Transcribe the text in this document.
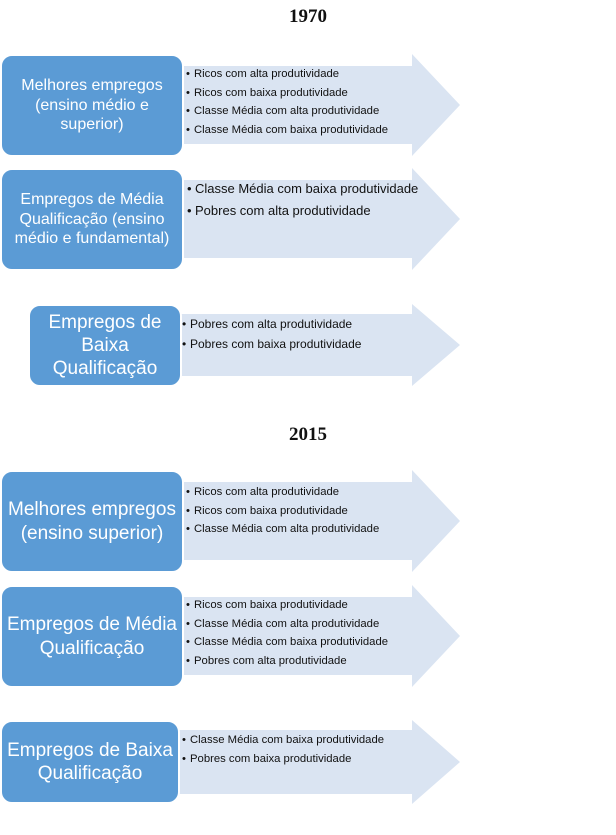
1970
Melhores empregos (ensino médio e superior)
• Ricos com alta produtividade
• Ricos com baixa produtividade
• Classe Média com alta produtividade
• Classe Média com baixa produtividade
Empregos de Média Qualificação (ensino médio e fundamental)
• Classe Média com baixa produtividade
• Pobres com alta produtividade
Empregos de Baixa Qualificação
• Pobres com alta produtividade
• Pobres com baixa produtividade
2015
Melhores empregos (ensino superior)
• Ricos com alta produtividade
• Ricos com baixa produtividade
• Classe Média com alta produtividade
Empregos de Média Qualificação
• Ricos com baixa produtividade
• Classe Média com alta produtividade
• Classe Média com baixa produtividade
• Pobres com alta produtividade
Empregos de Baixa Qualificação
• Classe Média com baixa produtividade
• Pobres com baixa produtividade
